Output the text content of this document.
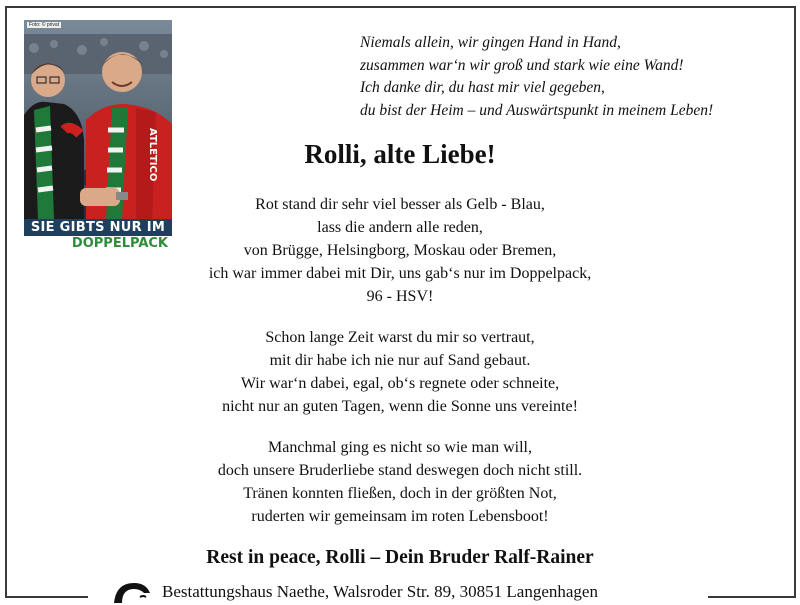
ATLETICO
Foto: © privat
SIE GIBTS NUR IM
DOPPELPACK
Niemals allein, wir gingen Hand in Hand,
zusammen war‘n wir groß und stark wie eine Wand!
Ich danke dir, du hast mir viel gegeben,
du bist der Heim – und Auswärtspunkt in meinem Leben!
Rolli, alte Liebe!
Rot stand dir sehr viel besser als Gelb - Blau,
lass die andern alle reden,
von Brügge, Helsingborg, Moskau oder Bremen,
ich war immer dabei mit Dir, uns gab‘s nur im Doppelpack,
96 - HSV!
Schon lange Zeit warst du mir so vertraut,
mit dir habe ich nie nur auf Sand gebaut.
Wir war‘n dabei, egal, ob‘s regnete oder schneite,
nicht nur an guten Tagen, wenn die Sonne uns vereinte!
Manchmal ging es nicht so wie man will,
doch unsere Bruderliebe stand deswegen doch nicht still.
Tränen konnten fließen, doch in der größten Not,
ruderten wir gemeinsam im roten Lebensboot!
Rest in peace, Rolli – Dein Bruder Ralf-Rainer
Bestattungshaus Naethe, Walsroder Str. 89, 30851 Langenhagen
